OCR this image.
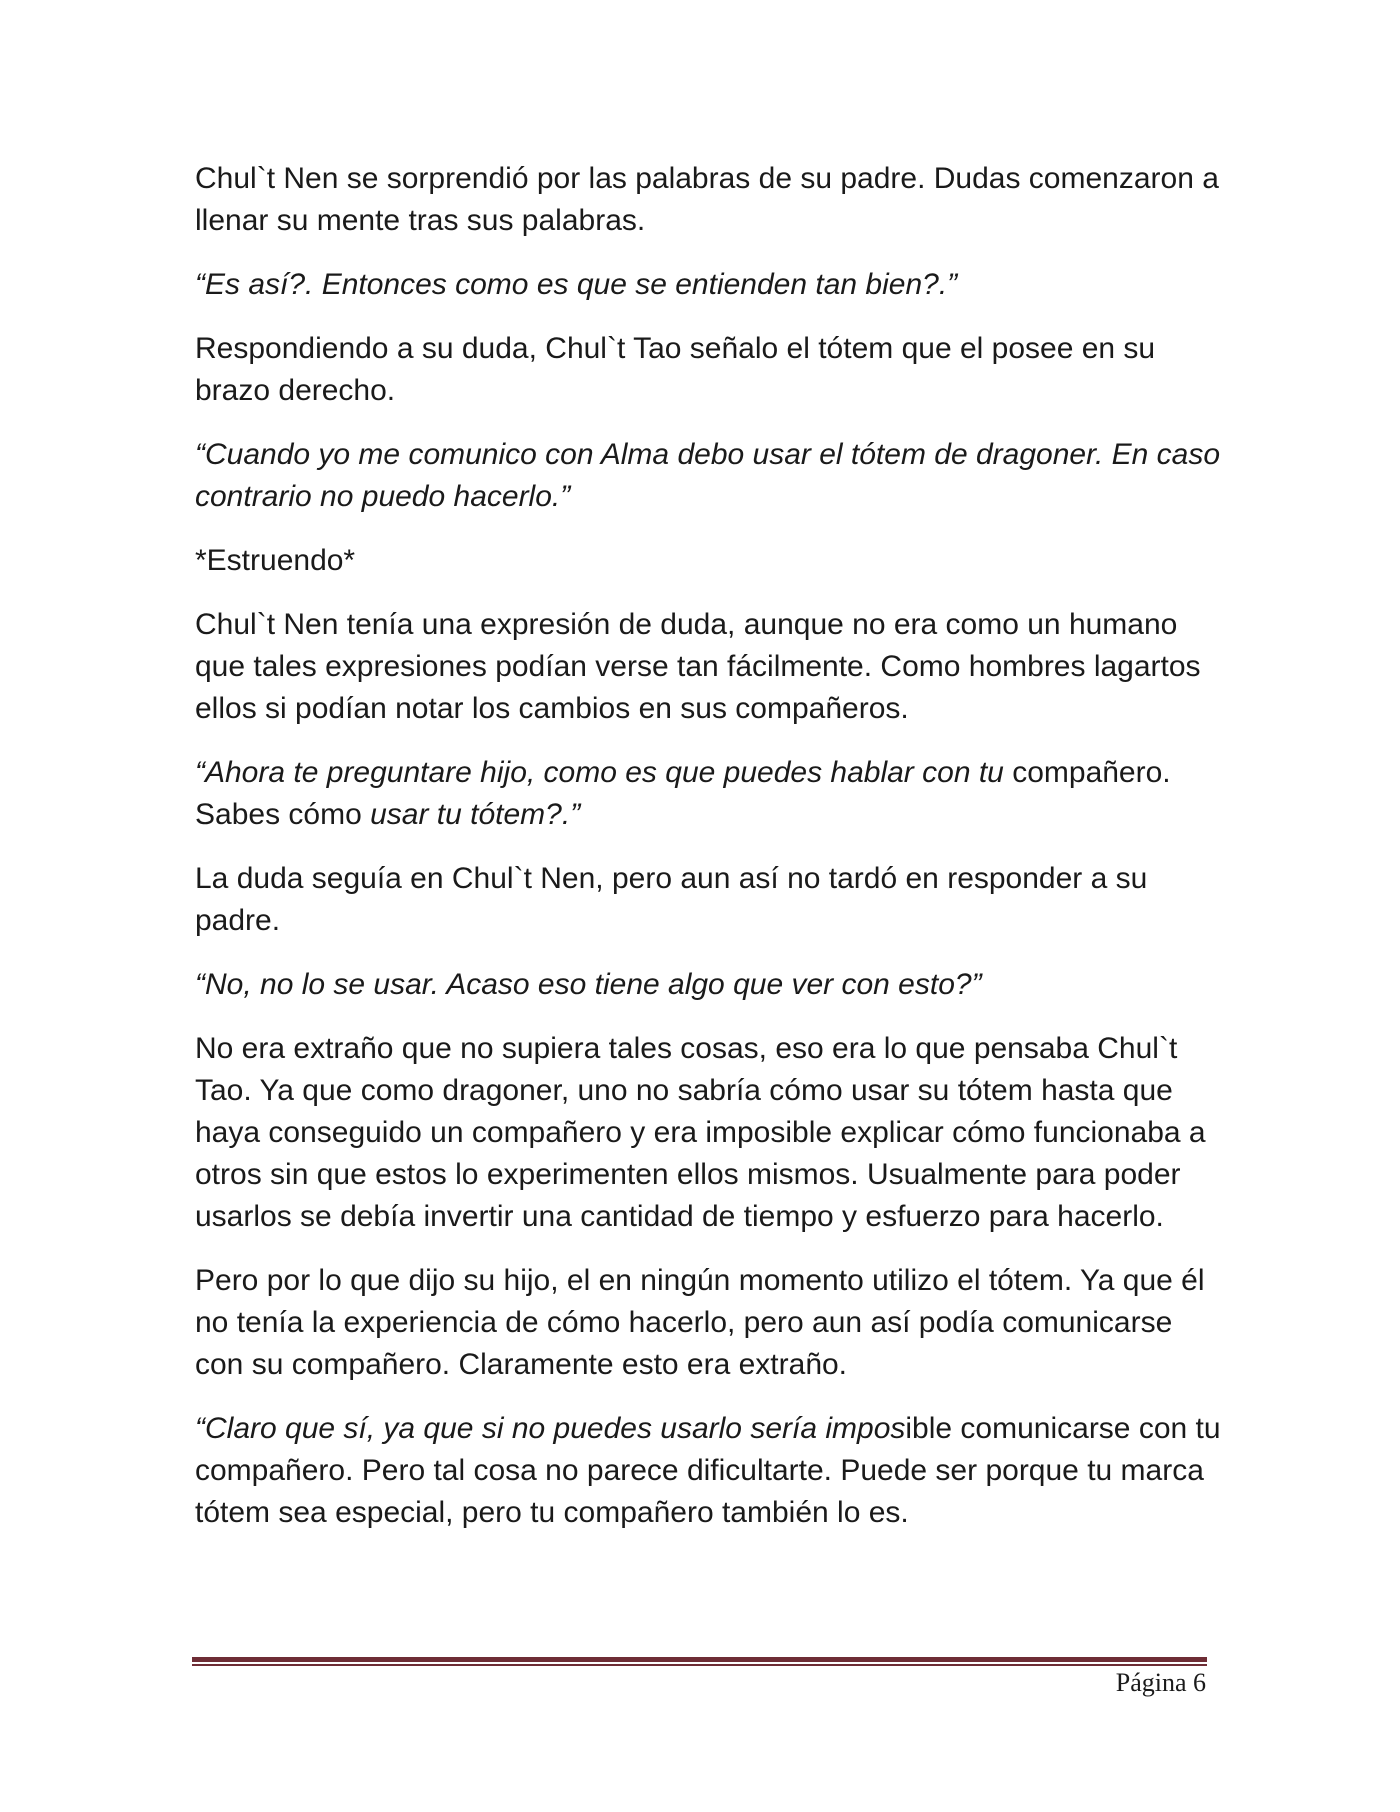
Chul`t Nen se sorprendió por las palabras de su padre. Dudas comenzaron a llenar su mente tras sus palabras.

“Es así?. Entonces como es que se entienden tan bien?.”

Respondiendo a su duda, Chul`t Tao señalo el tótem que el posee en su brazo derecho.

“Cuando yo me comunico con Alma debo usar el tótem de dragoner. En caso contrario no puedo hacerlo.”

*Estruendo*

Chul`t Nen tenía una expresión de duda, aunque no era como un humano que tales expresiones podían verse tan fácilmente. Como hombres lagartos ellos si podían notar los cambios en sus compañeros.

“Ahora te preguntare hijo, como es que puedes hablar con tu compañero. Sabes cómo usar tu tótem?.”

La duda seguía en Chul`t Nen, pero aun así no tardó en responder a su padre.

“No, no lo se usar. Acaso eso tiene algo que ver con esto?”

No era extraño que no supiera tales cosas, eso era lo que pensaba Chul`t Tao. Ya que como dragoner, uno no sabría cómo usar su tótem hasta que haya conseguido un compañero y era imposible explicar cómo funcionaba a otros sin que estos lo experimenten ellos mismos. Usualmente para poder usarlos se debía invertir una cantidad de tiempo y esfuerzo para hacerlo.

Pero por lo que dijo su hijo, el en ningún momento utilizo el tótem. Ya que él no tenía la experiencia de cómo hacerlo, pero aun así podía comunicarse con su compañero. Claramente esto era extraño.

“Claro que sí, ya que si no puedes usarlo sería imposible comunicarse con tu compañero. Pero tal cosa no parece dificultarte. Puede ser porque tu marca tótem sea especial, pero tu compañero también lo es.

Página 6
